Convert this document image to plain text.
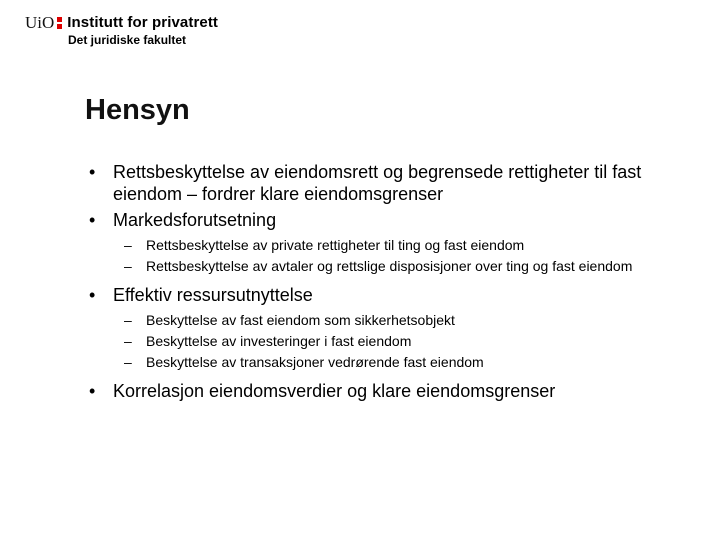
UiO Institutt for privatrett
Det juridiske fakultet
Hensyn
• Rettsbeskyttelse av eiendomsrett og begrensede rettigheter til fast eiendom – fordrer klare eiendomsgrenser
• Markedsforutsetning
– Rettsbeskyttelse av private rettigheter til ting og fast eiendom
– Rettsbeskyttelse av avtaler og rettslige disposisjoner over ting og fast eiendom
• Effektiv ressursutnyttelse
– Beskyttelse av fast eiendom som sikkerhetsobjekt
– Beskyttelse av investeringer i fast eiendom
– Beskyttelse av transaksjoner vedrørende fast eiendom
• Korrelasjon eiendomsverdier og klare eiendomsgrenser
